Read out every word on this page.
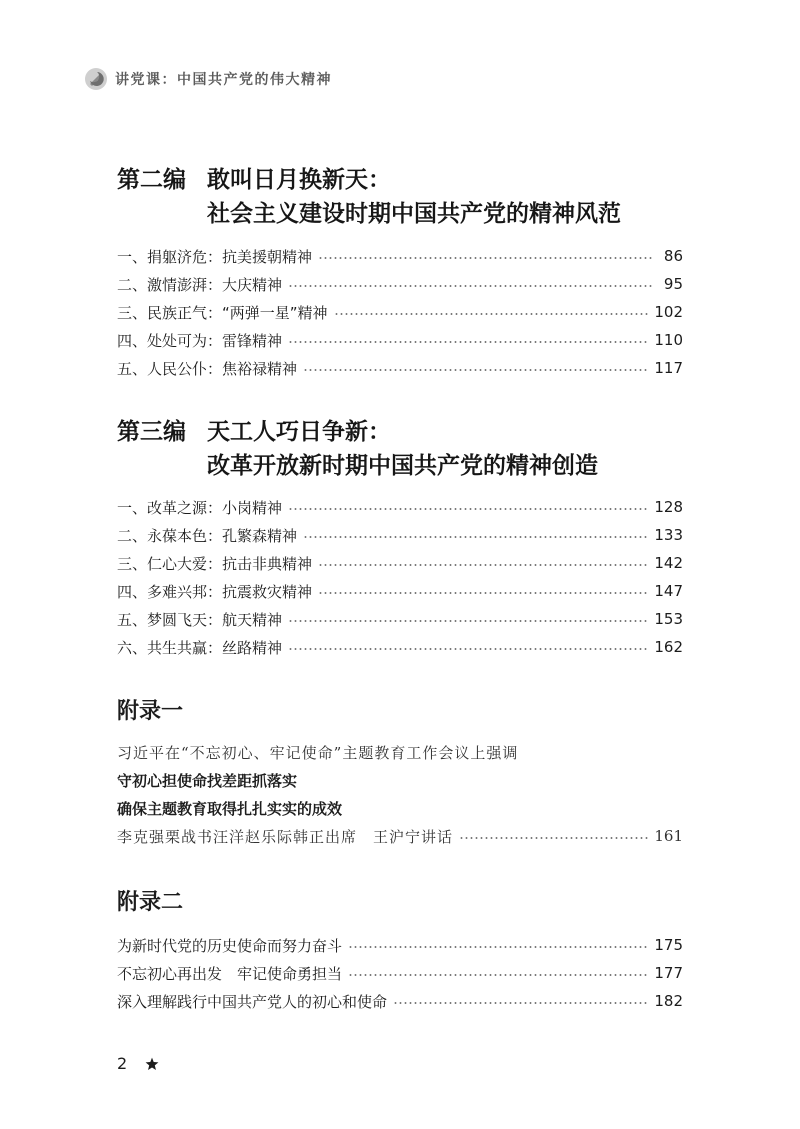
讲党课：中国共产党的伟大精神
第二编 敢叫日月换新天：
社会主义建设时期中国共产党的精神风范
一、捐躯济危：抗美援朝精神	86
二、激情澎湃：大庆精神	95
三、民族正气：“两弹一星”精神	102
四、处处可为：雷锋精神	110
五、人民公仆：焦裕禄精神	117
第三编 天工人巧日争新：
改革开放新时期中国共产党的精神创造
一、改革之源：小岗精神	128
二、永葆本色：孔繁森精神	133
三、仁心大爱：抗击非典精神	142
四、多难兴邦：抗震救灾精神	147
五、梦圆飞天：航天精神	153
六、共生共赢：丝路精神	162
附录一
习近平在“不忘初心、牢记使命”主题教育工作会议上强调
守初心担使命找差距抓落实
确保主题教育取得扎扎实实的成效
李克强栗战书汪洋赵乐际韩正出席　王沪宁讲话	161
附录二
为新时代党的历史使命而努力奋斗	175
不忘初心再出发　牢记使命勇担当	177
深入理解践行中国共产党人的初心和使命	182
2
